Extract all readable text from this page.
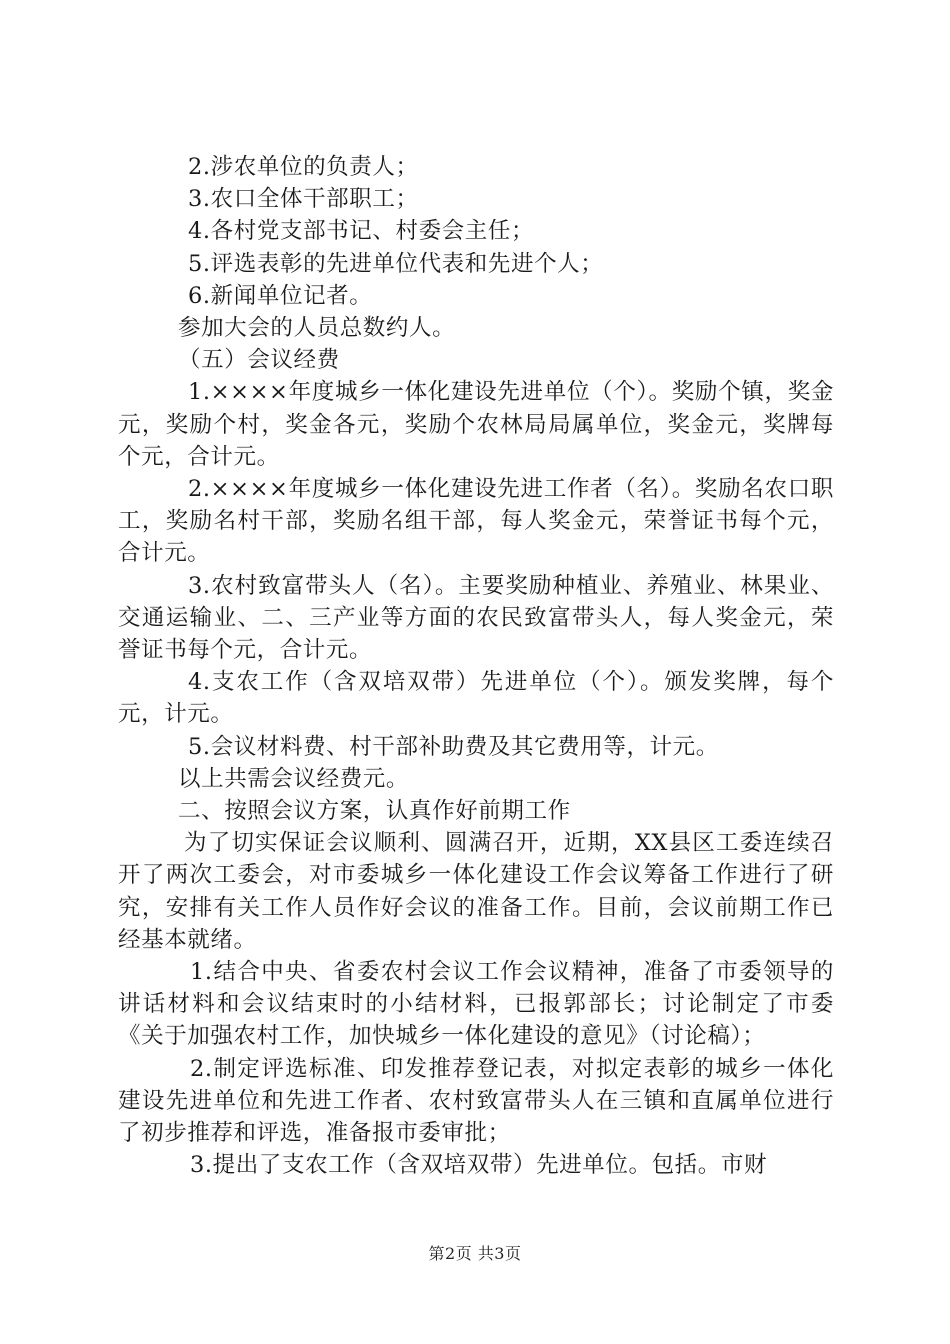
2.涉农单位的负责人；

3.农口全体干部职工；

4.各村党支部书记、村委会主任；

5.评选表彰的先进单位代表和先进个人；

6.新闻单位记者。

参加大会的人员总数约人。

（五）会议经费

1.××××年度城乡一体化建设先进单位（个）。奖励个镇，奖金元，奖励个村，奖金各元，奖励个农林局局属单位，奖金元，奖牌每个元，合计元。

2.××××年度城乡一体化建设先进工作者（名）。奖励名农口职工，奖励名村干部，奖励名组干部，每人奖金元，荣誉证书每个元，合计元。

3.农村致富带头人（名）。主要奖励种植业、养殖业、林果业、交通运输业、二、三产业等方面的农民致富带头人，每人奖金元，荣誉证书每个元，合计元。

4.支农工作（含双培双带）先进单位（个）。颁发奖牌，每个元，计元。

5.会议材料费、村干部补助费及其它费用等，计元。

以上共需会议经费元。

二、按照会议方案，认真作好前期工作

为了切实保证会议顺利、圆满召开，近期，XX县区工委连续召开了两次工委会，对市委城乡一体化建设工作会议筹备工作进行了研究，安排有关工作人员作好会议的准备工作。目前，会议前期工作已经基本就绪。

1.结合中央、省委农村会议工作会议精神，准备了市委领导的讲话材料和会议结束时的小结材料，已报郭部长；讨论制定了市委《关于加强农村工作，加快城乡一体化建设的意见》（讨论稿）；

2.制定评选标准、印发推荐登记表，对拟定表彰的城乡一体化建设先进单位和先进工作者、农村致富带头人在三镇和直属单位进行了初步推荐和评选，准备报市委审批；

3.提出了支农工作（含双培双带）先进单位。包括。市财

第2页 共3页
